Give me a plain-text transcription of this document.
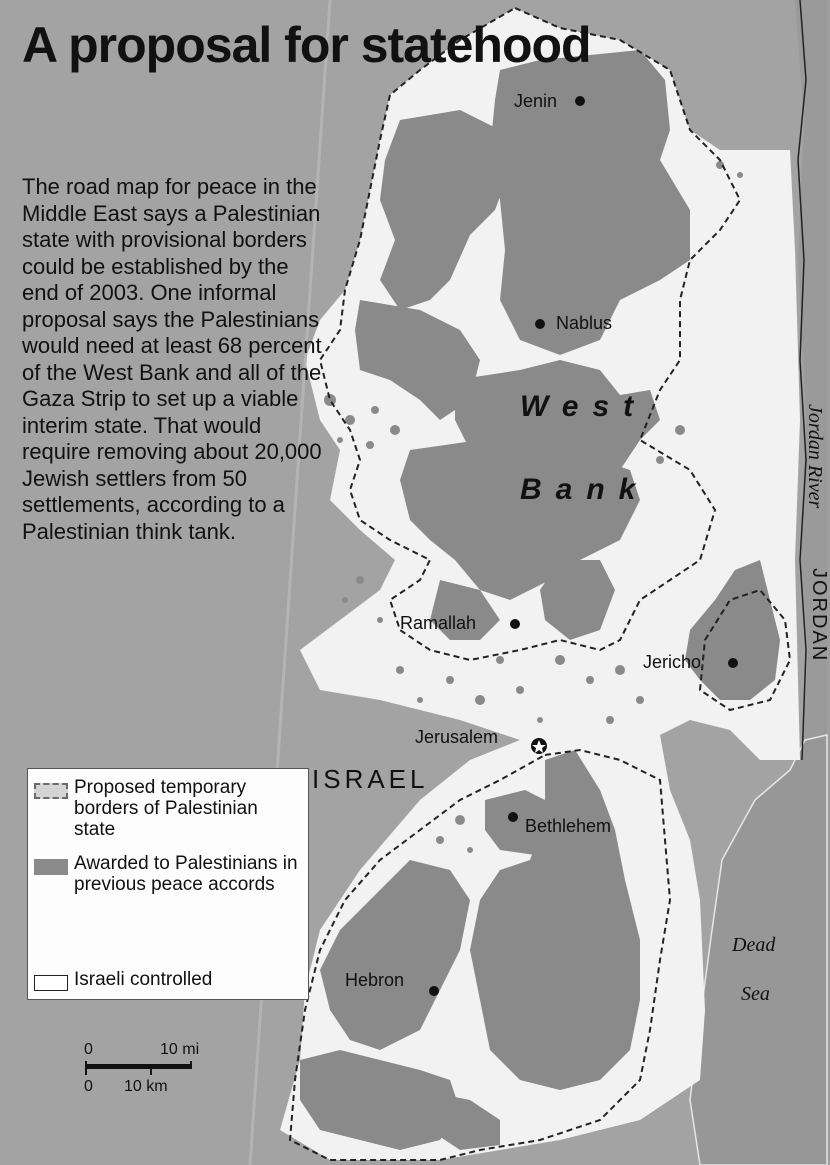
A proposal for statehood

The road map for peace in the Middle East says a Palestinian state with provisional borders could be established by the end of 2003. One informal proposal says the Palestinians would need at least 68 percent of the West Bank and all of the Gaza Strip to set up a viable interim state. That would require removing about 20,000 Jewish settlers from 50 settlements, according to a Palestinian think tank.

Jenin
Nablus
Ramallah
Jericho
Jerusalem
Bethlehem
Hebron
West
Bank
ISRAEL
JORDAN
Jordan River
Dead
Sea
Proposed temporary borders of Palestinian state
Awarded to Palestinians in previous peace accords
Israeli controlled
0	10 mi
0 10 km
